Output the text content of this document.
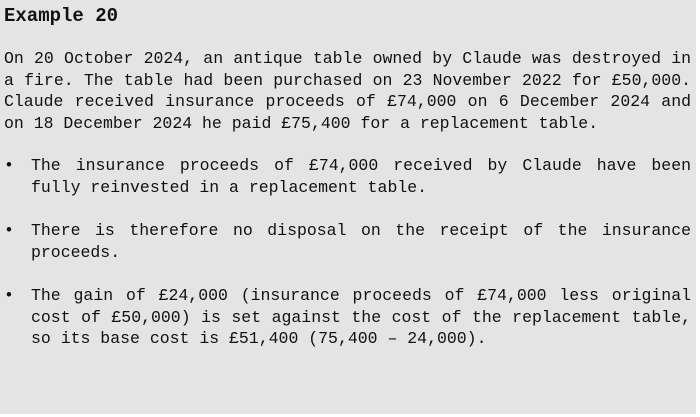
Example 20

On 20 October 2024, an antique table owned by Claude was destroyed in a fire. The table had been purchased on 23 November 2022 for £50,000. Claude received insurance proceeds of £74,000 on 6 December 2024 and on 18 December 2024 he paid £75,400 for a replacement table.

• The insurance proceeds of £74,000 received by Claude have been fully reinvested in a replacement table.
• There is therefore no disposal on the receipt of the insurance proceeds.
• The gain of £24,000 (insurance proceeds of £74,000 less original cost of £50,000) is set against the cost of the replacement table, so its base cost is £51,400 (75,400 – 24,000).
